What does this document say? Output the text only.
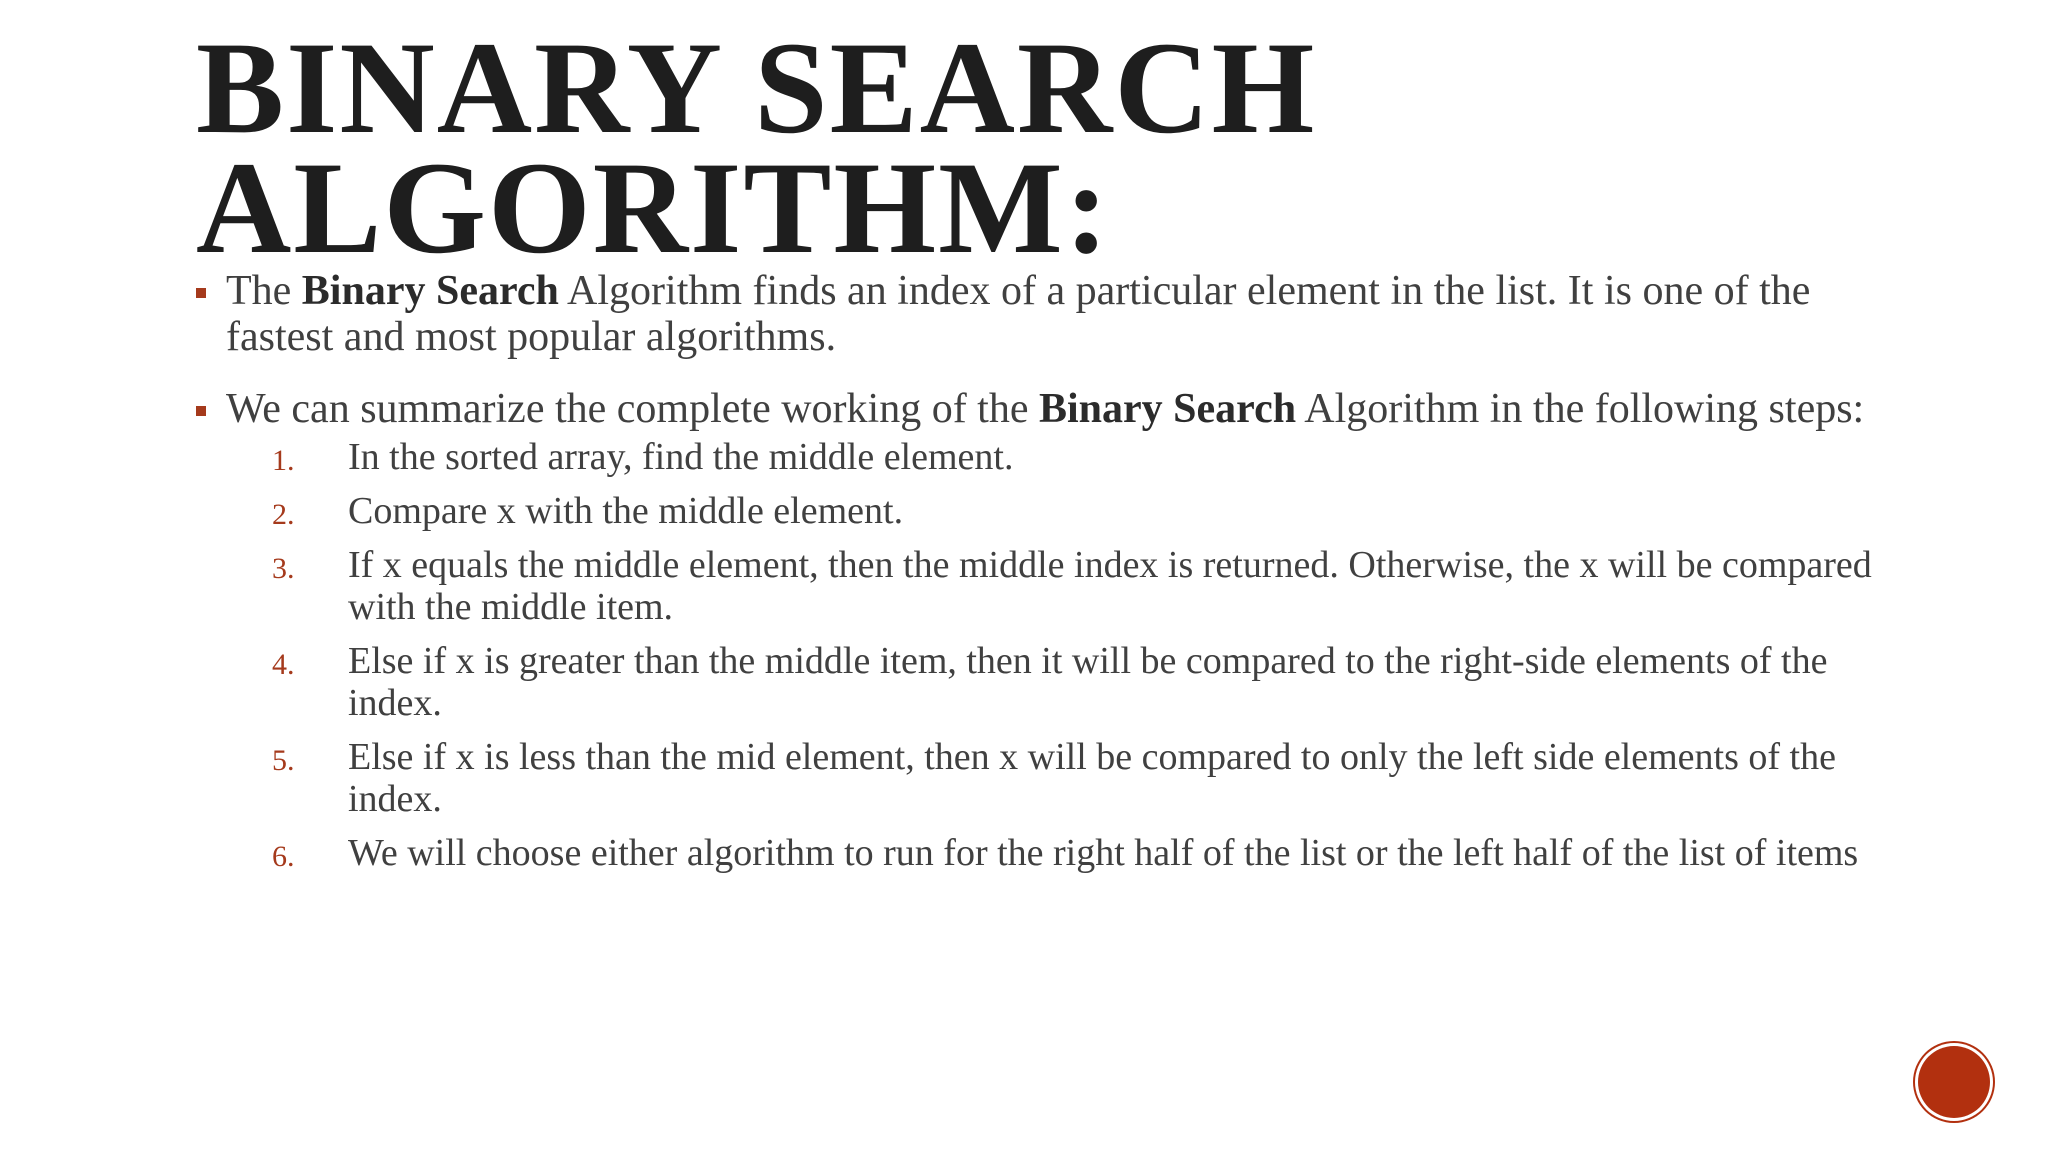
BINARY SEARCH
ALGORITHM:
The Binary Search Algorithm finds an index of a particular element in the list. It is one of the fastest and most popular algorithms.
We can summarize the complete working of the Binary Search Algorithm in the following steps:
1. In the sorted array, find the middle element.
2. Compare x with the middle element.
3. If x equals the middle element, then the middle index is returned. Otherwise, the x will be compared with the middle item.
4. Else if x is greater than the middle item, then it will be compared to the right-side elements of the index.
5. Else if x is less than the mid element, then x will be compared to only the left side elements of the index.
6. We will choose either algorithm to run for the right half of the list or the left half of the list of items
